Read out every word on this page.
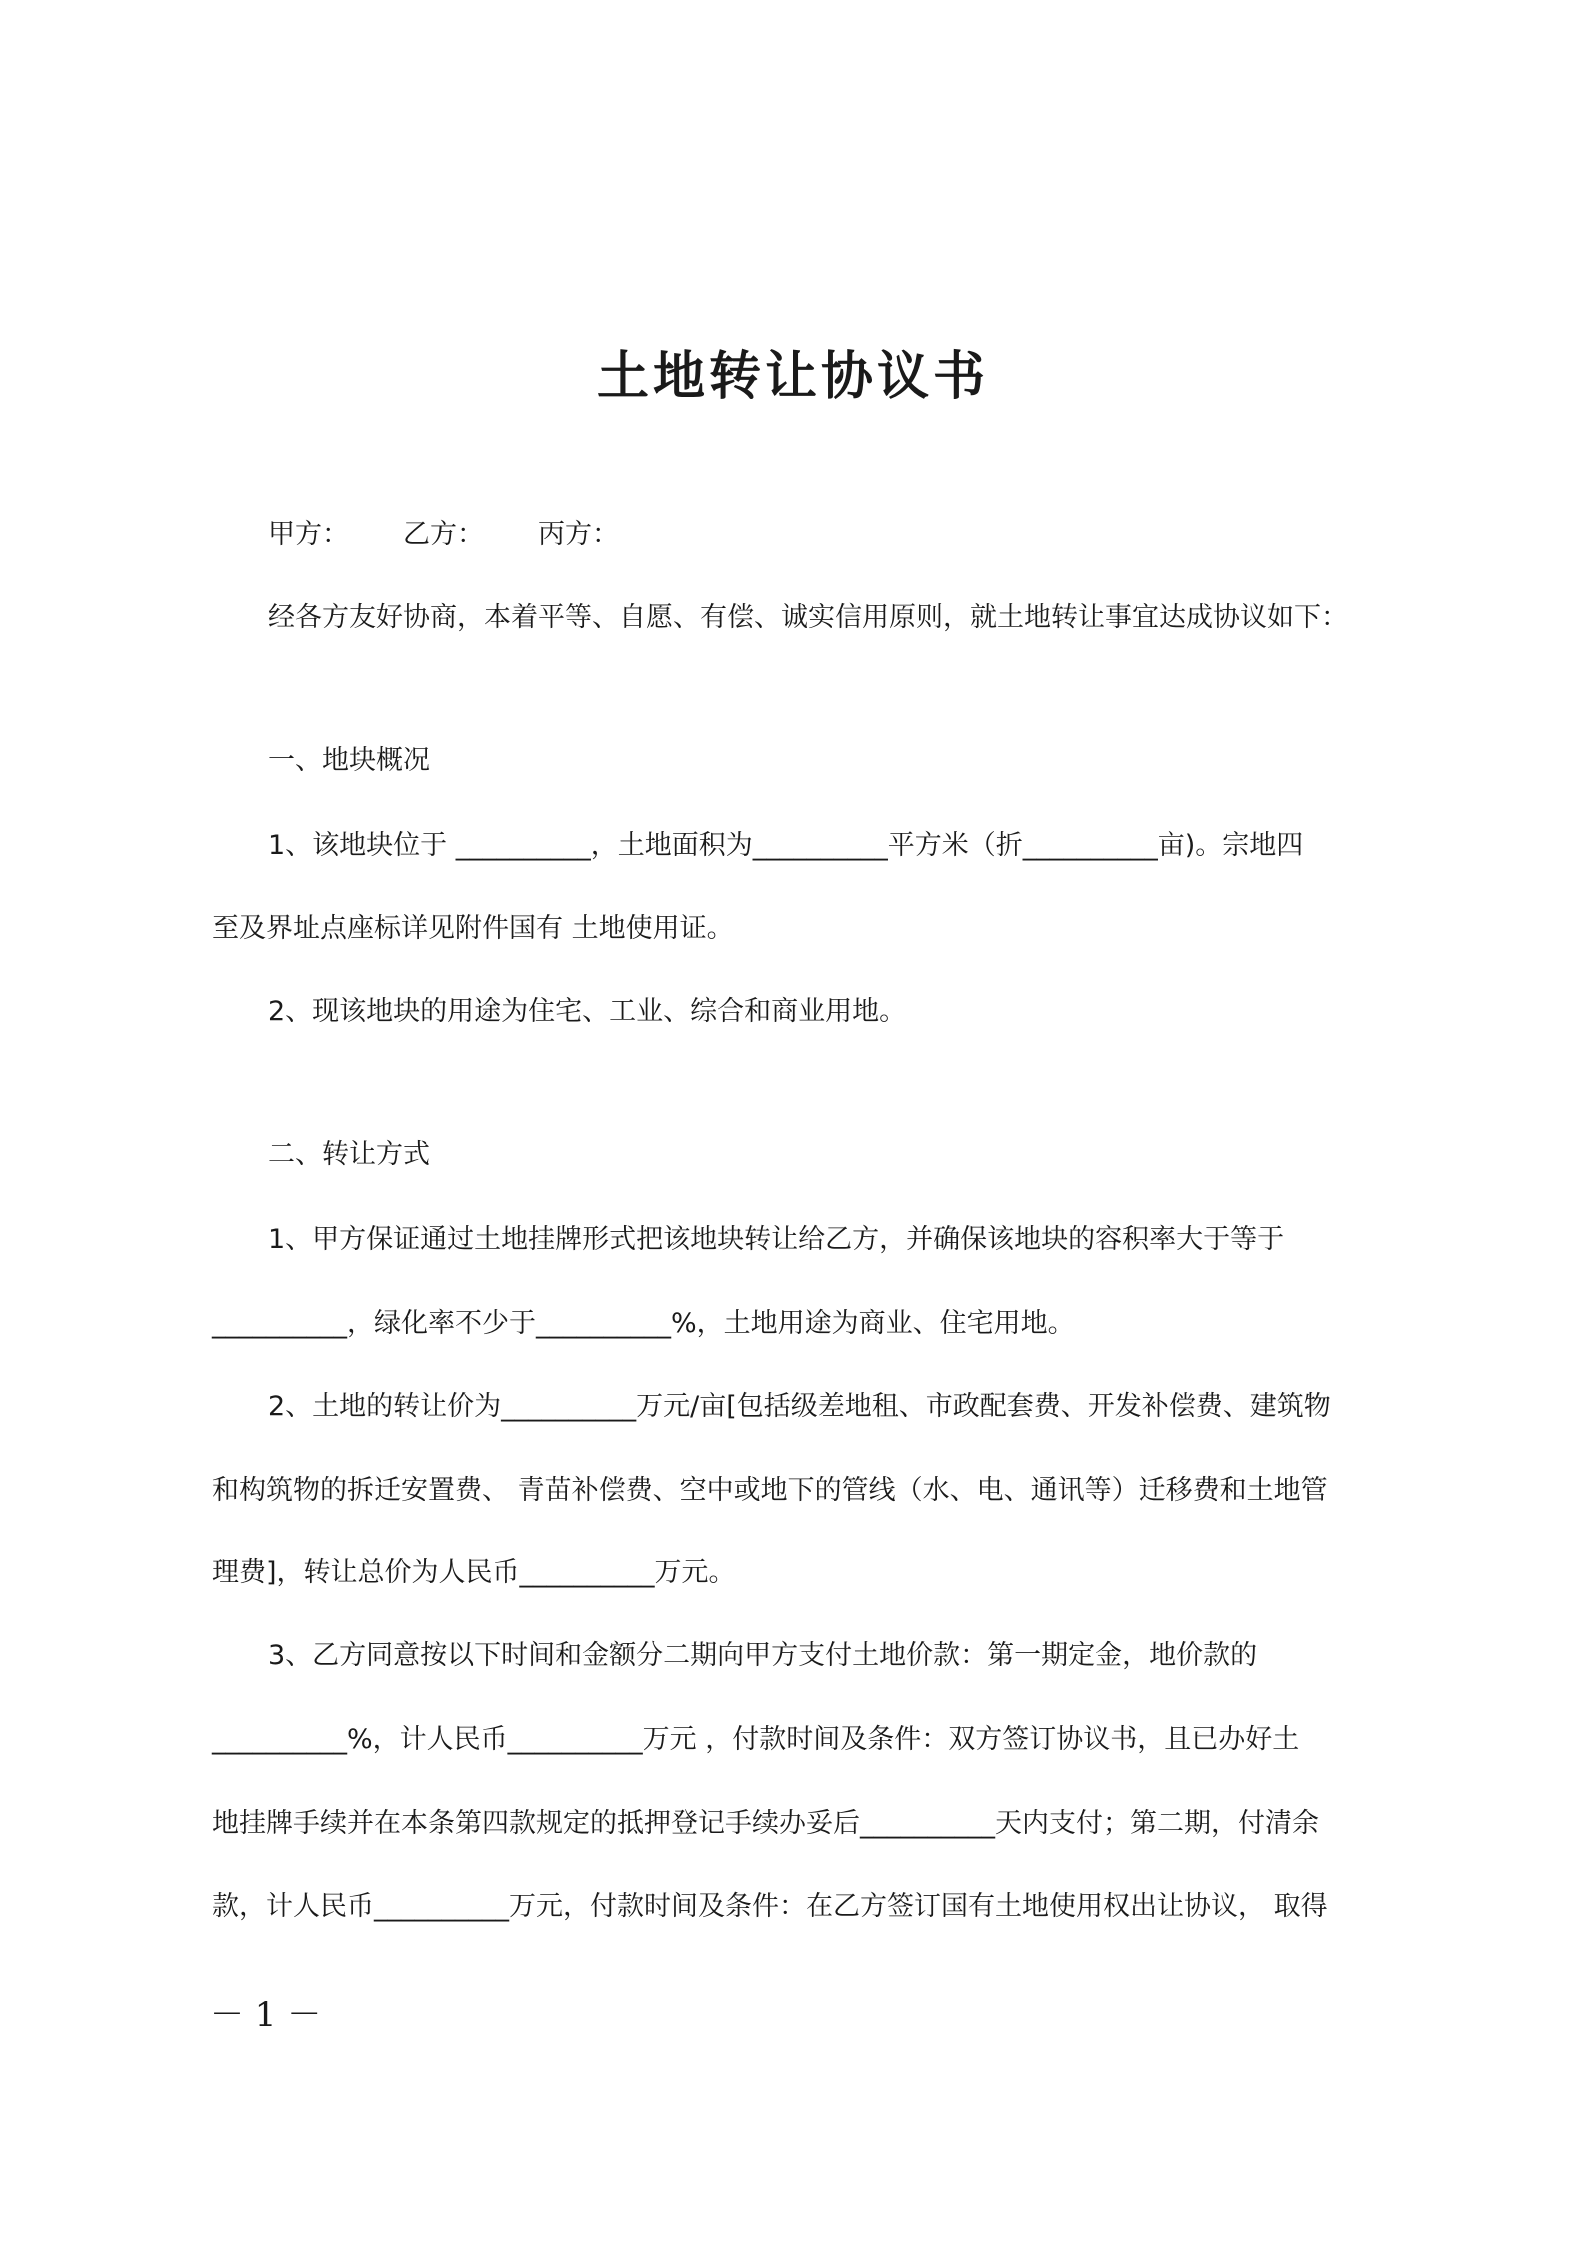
土地转让协议书
甲方： 乙方： 丙方：
经各方友好协商，本着平等、自愿、有偿、诚实信用原则，就土地转让事宜达成协议如下：
一、地块概况
1、该地块位于 __________，土地面积为__________平方米（折__________亩)。宗地四
至及界址点座标详见附件国有 土地使用证。
2、现该地块的用途为住宅、工业、综合和商业用地。
二、转让方式
1、甲方保证通过土地挂牌形式把该地块转让给乙方，并确保该地块的容积率大于等于
__________，绿化率不少于__________%，土地用途为商业、住宅用地。
2、土地的转让价为__________万元/亩[包括级差地租、市政配套费、开发补偿费、建筑物
和构筑物的拆迁安置费、 青苗补偿费、空中或地下的管线（水、电、通讯等）迁移费和土地管
理费]，转让总价为人民币__________万元。
3、乙方同意按以下时间和金额分二期向甲方支付土地价款：第一期定金，地价款的
__________%，计人民币__________万元 ，付款时间及条件：双方签订协议书，且已办好土
地挂牌手续并在本条第四款规定的抵押登记手续办妥后__________天内支付；第二期，付清余
款，计人民币__________万元，付款时间及条件：在乙方签订国有土地使用权出让协议， 取得
－ 1 －
